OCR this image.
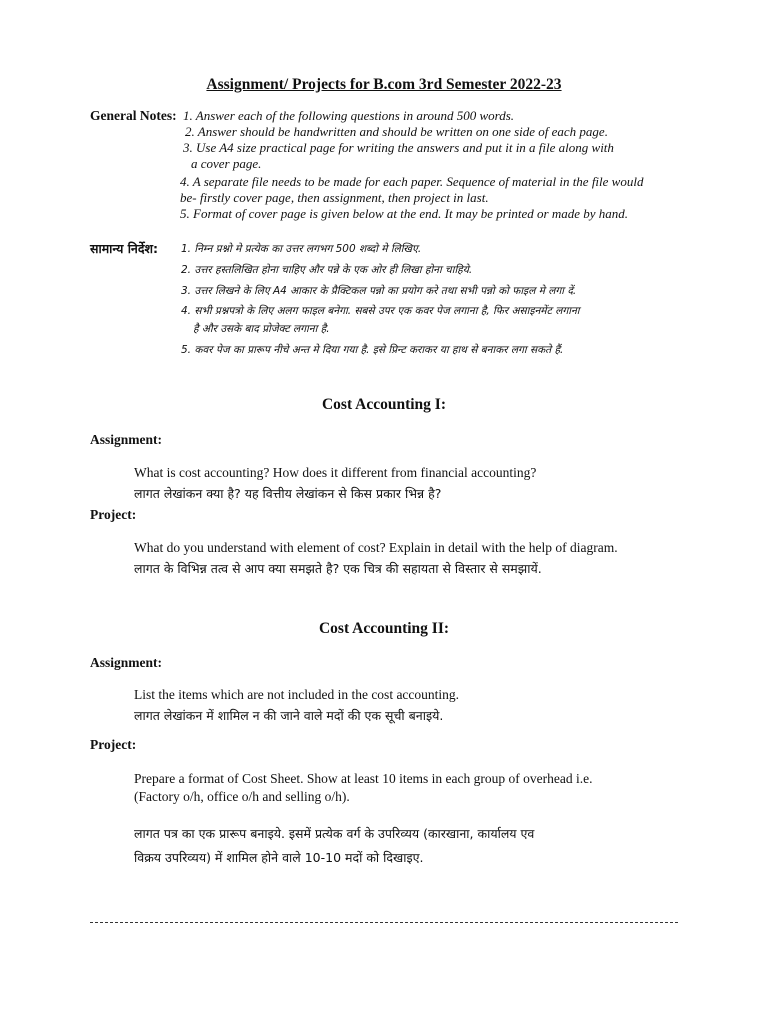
Assignment/ Projects for B.com 3rd Semester 2022-23
General Notes: 1. Answer each of the following questions in around 500 words.
2. Answer should be handwritten and should be written on one side of each page.
3. Use A4 size practical page for writing the answers and put it in a file along with
a cover page.
4. A separate file needs to be made for each paper. Sequence of material in the file would
be- firstly cover page, then assignment, then project in last.
5. Format of cover page is given below at the end. It may be printed or made by hand.
सामान्य निर्देश: 1. निम्न प्रश्नो मे प्रत्येक का उत्तर लगभग 500 शब्दो मे लिखिए.
2. उत्तर हस्तलिखित होना चाहिए और पन्ने के एक ओर ही लिखा होना चाहिये.
3. उत्तर लिखने के लिए A4 आकार के प्रैक्टिकल पन्नो का प्रयोग करे तथा सभी पन्नो को फाइल मे लगा दें.
4. सभी प्रश्नपत्रो के लिए अलग फाइल बनेगा. सबसे उपर एक कवर पेज लगाना है, फिर असाइनमेंट लगाना
है और उसके बाद प्रोजेक्ट लगाना है.
5. कवर पेज का प्रारूप नीचे अन्त मे दिया गया है. इसे प्रिन्ट कराकर या हाथ से बनाकर लगा सकते हैं.
Cost Accounting I:
Assignment:
What is cost accounting? How does it different from financial accounting?
लागत लेखांकन क्या है? यह वित्तीय लेखांकन से किस प्रकार भिन्न है?
Project:
What do you understand with element of cost? Explain in detail with the help of diagram.
लागत के विभिन्न तत्व से आप क्या समझते है? एक चित्र की सहायता से विस्तार से समझायें.
Cost Accounting II:
Assignment:
List the items which are not included in the cost accounting.
लागत लेखांकन में शामिल न की जाने वाले मदों की एक सूची बनाइये.
Project:
Prepare a format of Cost Sheet. Show at least 10 items in each group of overhead i.e.
(Factory o/h, office o/h and selling o/h).
लागत पत्र का एक प्रारूप बनाइये. इसमें प्रत्येक वर्ग के उपरिव्यय (कारखाना, कार्यालय एव
विक्रय उपरिव्यय) में शामिल होने वाले 10-10 मदों को दिखाइए.
